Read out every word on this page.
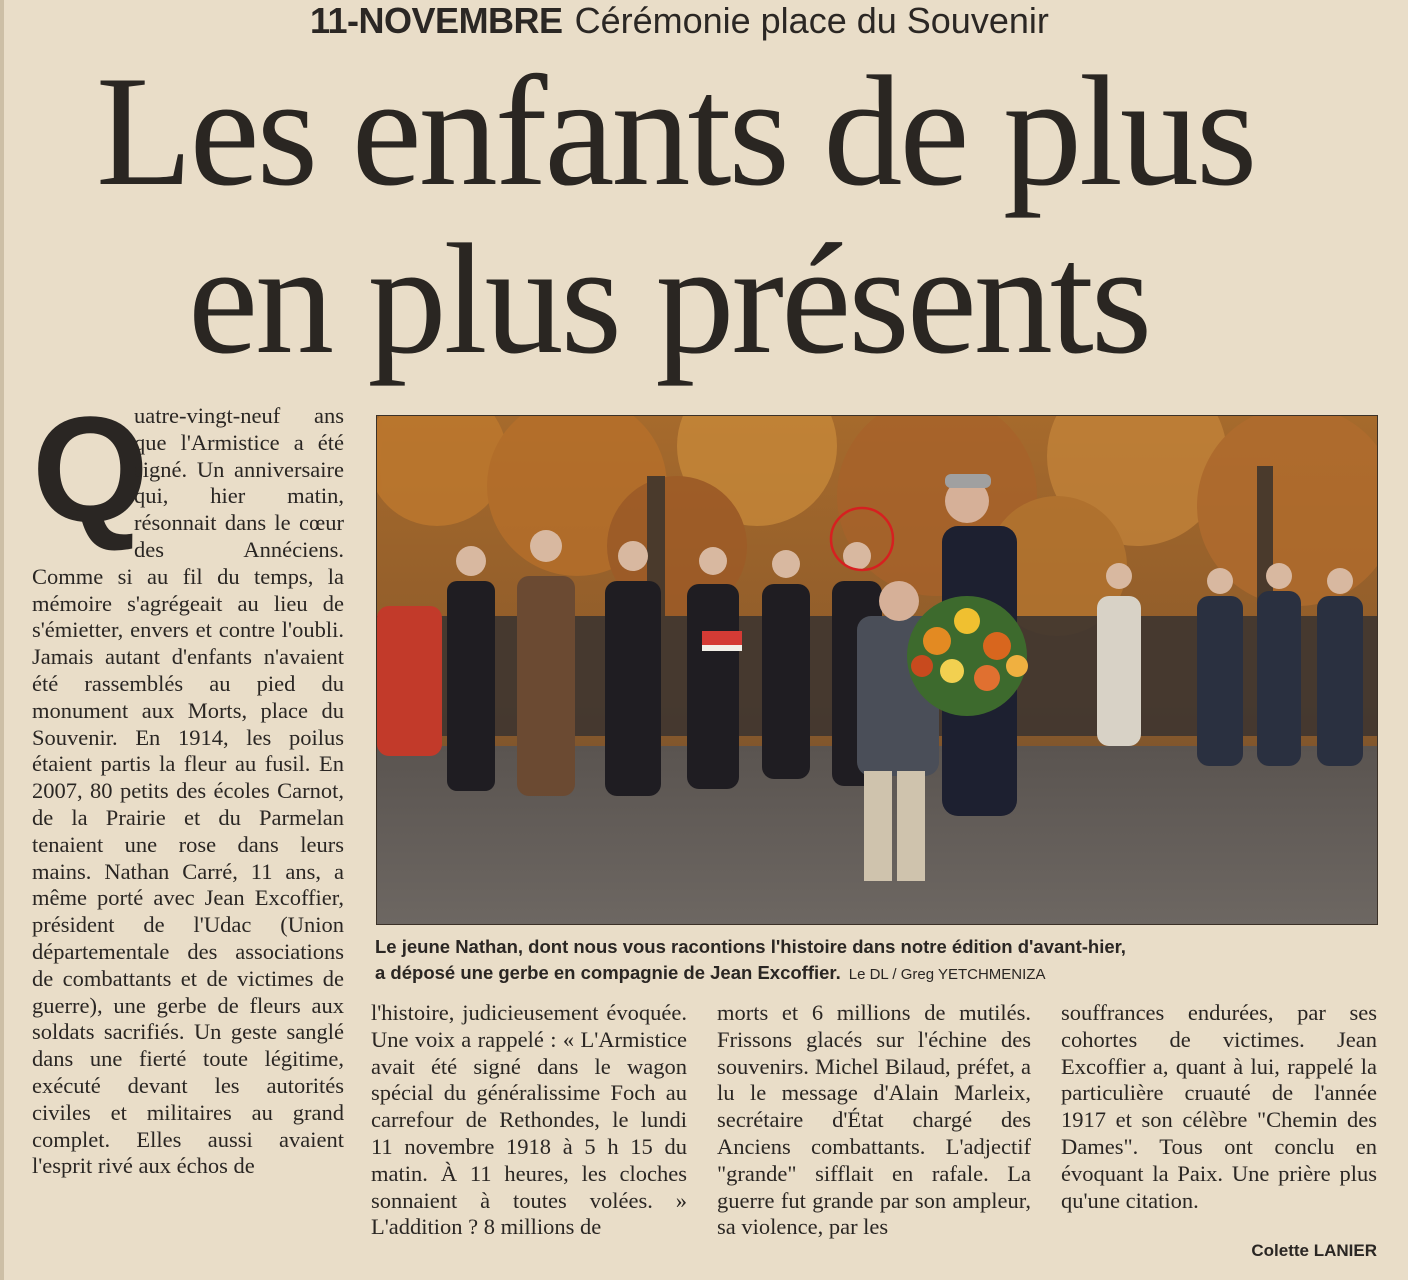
11-NOVEMBRE Cérémonie place du Souvenir
Les enfants de plus
en plus présents
Q
uatre-vingt-neuf ans que l'Armistice a été signé. Un anniversaire qui, hier matin, résonnait dans le cœur des Annéciens. Comme si au fil du temps, la mémoire s'agrégeait au lieu de s'émietter, envers et contre l'oubli. Jamais autant d'enfants n'avaient été rassemblés au pied du monument aux Morts, place du Souvenir. En 1914, les poilus étaient partis la fleur au fusil. En 2007, 80 petits des écoles Carnot, de la Prairie et du Parmelan tenaient une rose dans leurs mains. Nathan Carré, 11 ans, a même porté avec Jean Excoffier, président de l'Udac (Union départementale des associations de combattants et de victimes de guerre), une gerbe de fleurs aux soldats sacrifiés. Un geste sanglé dans une fierté toute légitime, exécuté devant les autorités civiles et militaires au grand complet. Elles aussi avaient l'esprit rivé aux échos de
Le jeune Nathan, dont nous vous racontions l'histoire dans notre édition d'avant-hier,
a déposé une gerbe en compagnie de Jean Excoffier. Le DL / Greg YETCHMENIZA
l'histoire, judicieusement évoquée. Une voix a rappelé : « L'Armistice avait été signé dans le wagon spécial du généralissime Foch au carrefour de Rethondes, le lundi 11 novembre 1918 à 5 h 15 du matin. À 11 heures, les cloches sonnaient à toutes volées. » L'addition ? 8 millions de
morts et 6 millions de mutilés. Frissons glacés sur l'échine des souvenirs. Michel Bilaud, préfet, a lu le message d'Alain Marleix, secrétaire d'État chargé des Anciens combattants. L'adjectif "grande" sifflait en rafale. La guerre fut grande par son ampleur, sa violence, par les
souffrances endurées, par ses cohortes de victimes. Jean Excoffier a, quant à lui, rappelé la particulière cruauté de l'année 1917 et son célèbre "Chemin des Dames". Tous ont conclu en évoquant la Paix. Une prière plus qu'une citation.
Colette LANIER
